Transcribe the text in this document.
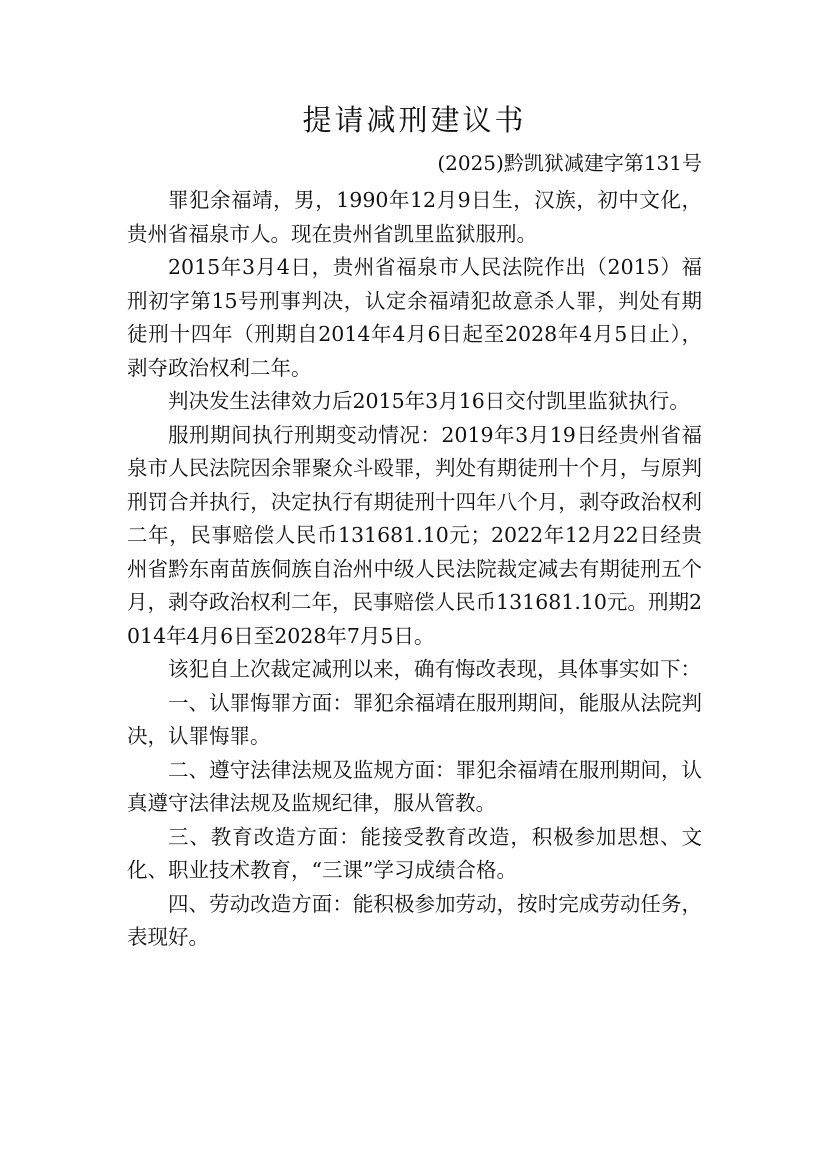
提请减刑建议书
(2025)黔凯狱减建字第131号

罪犯余福靖，男，1990年12月9日生，汉族，初中文化，贵州省福泉市人。现在贵州省凯里监狱服刑。

2015年3月4日，贵州省福泉市人民法院作出（2015）福刑初字第15号刑事判决，认定余福靖犯故意杀人罪，判处有期徒刑十四年（刑期自2014年4月6日起至2028年4月5日止），剥夺政治权利二年。

判决发生法律效力后2015年3月16日交付凯里监狱执行。

服刑期间执行刑期变动情况：2019年3月19日经贵州省福泉市人民法院因余罪聚众斗殴罪，判处有期徒刑十个月，与原判刑罚合并执行，决定执行有期徒刑十四年八个月，剥夺政治权利二年，民事赔偿人民币131681.10元；2022年12月22日经贵州省黔东南苗族侗族自治州中级人民法院裁定减去有期徒刑五个月，剥夺政治权利二年，民事赔偿人民币131681.10元。刑期2014年4月6日至2028年7月5日。

该犯自上次裁定减刑以来，确有悔改表现，具体事实如下：

一、认罪悔罪方面：罪犯余福靖在服刑期间，能服从法院判决，认罪悔罪。

二、遵守法律法规及监规方面：罪犯余福靖在服刑期间，认真遵守法律法规及监规纪律，服从管教。

三、教育改造方面：能接受教育改造，积极参加思想、文化、职业技术教育，“三课”学习成绩合格。

四、劳动改造方面：能积极参加劳动，按时完成劳动任务，表现好。
